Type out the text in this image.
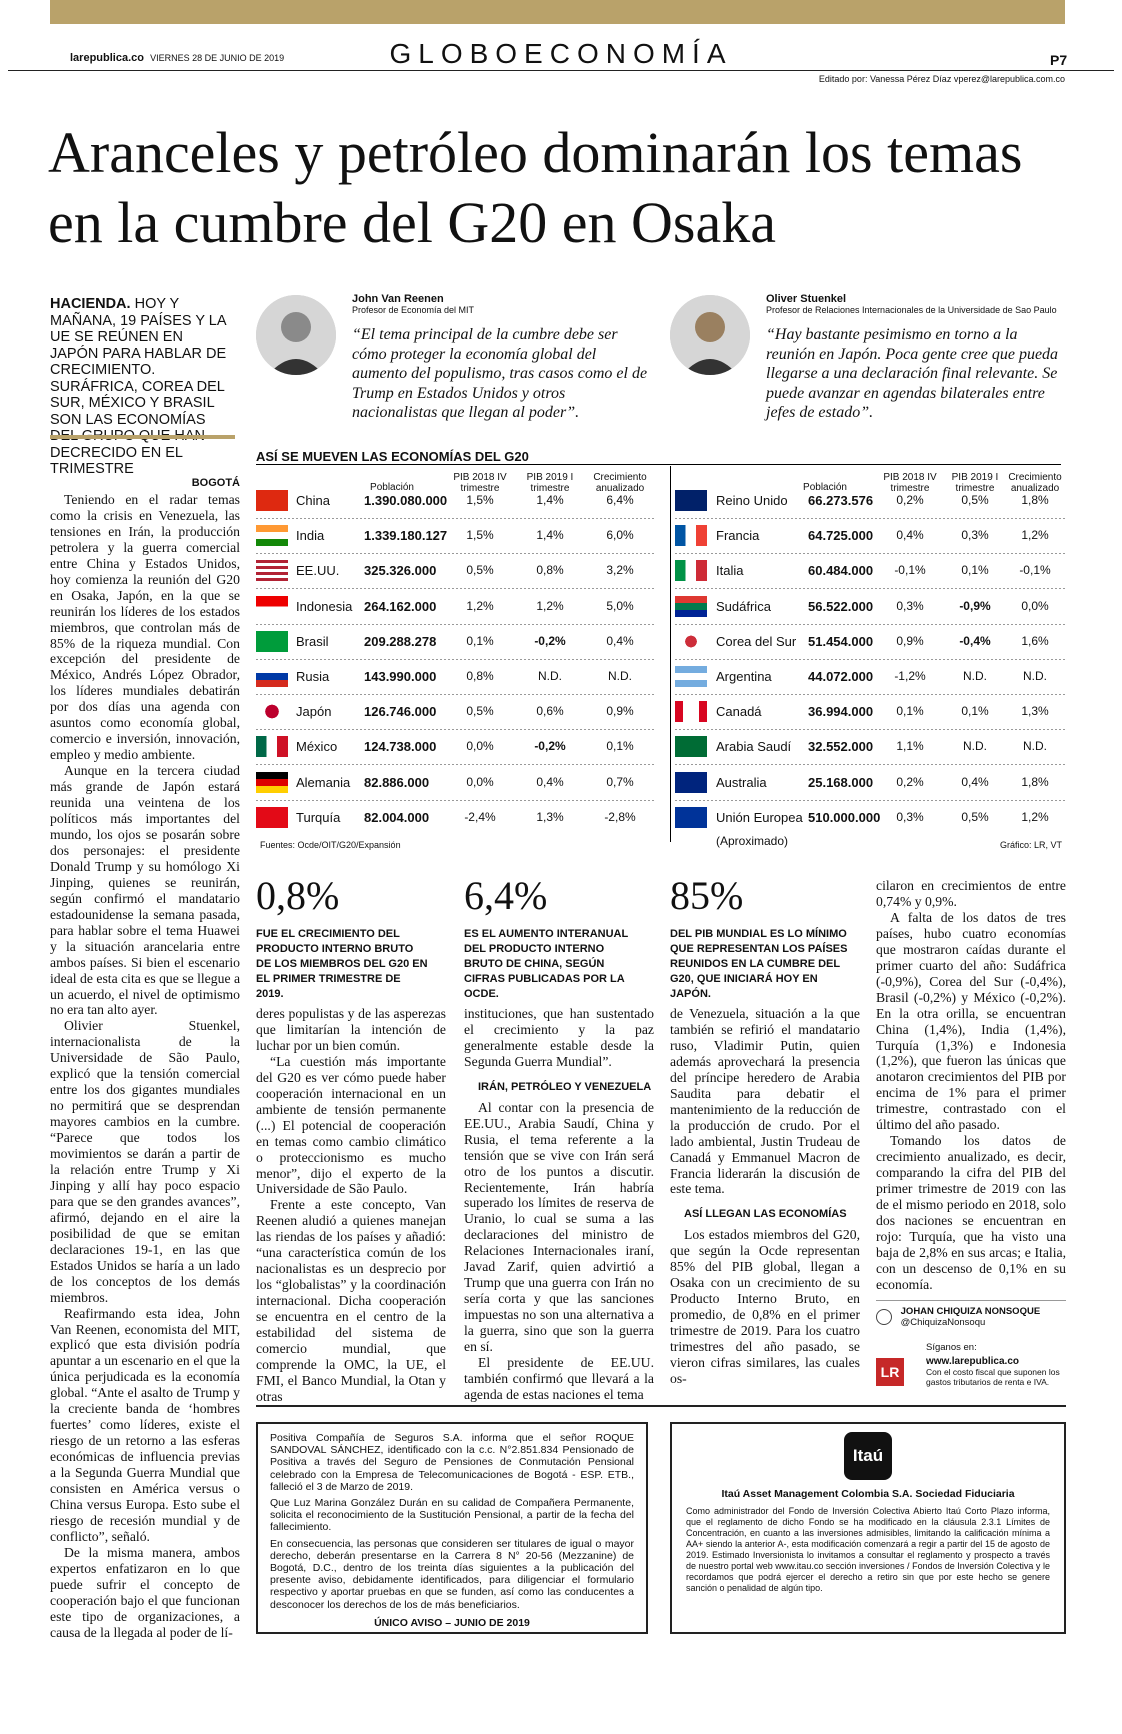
larepublica.co VIERNES 28 DE JUNIO DE 2019	GLOBOECONOMÍA	P7
Editado por: Vanessa Pérez Díaz vperez@larepublica.com.co
Aranceles y petróleo dominarán los temas en la cumbre del G20 en Osaka
HACIENDA. HOY Y MAÑANA, 19 PAÍSES Y LA UE SE REÚNEN EN JAPÓN PARA HABLAR DE CRECIMIENTO. SURÁFRICA, COREA DEL SUR, MÉXICO Y BRASIL SON LAS ECONOMÍAS DECRECIDO EN EL TRIMESTRE
John Van Reenen
Profesor de Economía del MIT
“El tema principal de la cumbre debe ser cómo proteger la economía global del aumento del populismo, tras casos como el de Trump en Estados Unidos y otros nacionalistas que llegan al poder”.
Oliver Stuenkel
Profesor de Relaciones Internacionales de la Universidade de Sao Paulo
“Hay bastante pesimismo en torno a la reunión en Japón. Poca gente cree que pueda llegarse a una declaración final relevante. Se puede avanzar en agendas bilaterales entre jefes de estado”.
ASÍ SE MUEVEN LAS ECONOMÍAS DEL G20
Población
PIB 2018 IV trimestre
PIB 2019 I trimestre
Crecimiento anualizado	Población
PIB 2018 IV trimestre
PIB 2019 I trimestre
Crecimiento anualizado
China	1.390.080.000	1,5%	1,4%	6,4%
India	1.339.180.127	1,5%	1,4%	6,0%
EE.UU. 325.326.000	0,5%	0,8%	3,2%
Indonesia 264.162.000	1,2%	1,2%	5,0%
Brasil	209.288.278	0,1%	-0,2%	0,4%
Rusia	143.990.000	0,8%	N.D.	N.D.
Japón	126.746.000	0,5%	0,6%	0,9%
México 124.738.000	0,0%	-0,2%	0,1%
Alemania 82.886.000	0,0%	0,4%	0,7%
Turquía 82.004.000	-2,4%	1,3%	-2,8%
Reino Unido 66.273.576	0,2%	0,5%	1,8%
Francia	64.725.000	0,4%	0,3%	1,2%
Italia	60.484.000	-0,1%	0,1%	-0,1%
Sudáfrica	56.522.000	0,3%	-0,9%	0,0%
Corea del Sur 51.454.000	0,9%	-0,4%	1,6%
Argentina	44.072.000	-1,2%	N.D.	N.D.
Canadá	36.994.000	0,1%	0,1%	1,3%
Arabia Saudí 32.552.000	1,1%	N.D.	N.D.
Australia	25.168.000	0,2%	0,4%	1,8%
Unión Europea 510.000.000	0,3%	0,5%	1,2%
(Aproximado)
Fuentes: Ocde/OIT/G20/Expansión	Gráfico: LR, VT
0,8%
FUE EL CRECIMIENTO DEL PRODUCTO INTERNO BRUTO DE LOS MIEMBROS DEL G20 EN EL PRIMER TRIMESTRE DE 2019.
6,4%
ES EL AUMENTO INTERANUAL DEL PRODUCTO INTERNO BRUTO DE CHINA, SEGÚN CIFRAS PUBLICADAS POR LA OCDE.
85%
DEL PIB MUNDIAL ES LO MÍNIMO QUE REPRESENTAN LOS PAÍSES REUNIDOS EN LA CUMBRE DEL G20, QUE INICIARÁ HOY EN JAPÓN.

BOGOTÁ

Teniendo en el radar temas como la crisis en Venezuela, las tensiones en Irán, la producción petrolera y la guerra comercial entre China y Estados Unidos, hoy comienza la reunión del G20 en Osaka, Japón, en la que se reunirán los líderes de los estados miembros, que controlan más de 85% de la riqueza mundial. Con excepción del presidente de México, Andrés López Obrador, los líderes mundiales debatirán por dos días una agenda con asuntos como economía global, comercio e inversión, innovación, empleo y medio ambiente.

Aunque en la tercera ciudad más grande de Japón estará reunida una veintena de los políticos más importantes del mundo, los ojos se posarán sobre dos personajes: el presidente Donald Trump y su homólogo Xi Jinping, quienes se reunirán, según confirmó el mandatario estadounidense la semana pasada, para hablar sobre el tema Huawei y la situación arancelaria entre ambos países. Si bien el escenario ideal de esta cita es que se llegue a un acuerdo, el nivel de optimismo no era tan alto ayer.

Olivier Stuenkel, internacionalista de la Universidade de São Paulo, explicó que la tensión comercial entre los dos gigantes mundiales no permitirá que se desprendan mayores cambios en la cumbre. “Parece que todos los movimientos se darán a partir de la relación entre Trump y Xi Jinping y allí hay poco espacio para que se den grandes avances”, afirmó, dejando en el aire la posibilidad de que se emitan declaraciones 19-1, en las que Estados Unidos se haría a un lado de los conceptos de los demás miembros.

Reafirmando esta idea, John Van Reenen, economista del MIT, explicó que esta división podría apuntar a un escenario en el que la única perjudicada es la economía global. “Ante el asalto de Trump y la creciente banda de ‘hombres fuertes’ como líderes, existe el riesgo de un retorno a las esferas económicas de influencia previas a la Segunda Guerra Mundial que consisten en América versus o China versus Europa. Esto sube el riesgo de recesión mundial y de conflicto”, señaló.

De la misma manera, ambos expertos enfatizaron en lo que puede sufrir el concepto de cooperación bajo el que funcionan este tipo de organizaciones, a causa de la llegada al poder de lí-

deres populistas y de las asperezas que limitarían la intención de luchar por un bien común.

“La cuestión más importante del G20 es ver cómo puede haber cooperación internacional en un ambiente de tensión permanente (...) El potencial de cooperación en temas como cambio climático o proteccionismo es mucho menor”, dijo el experto de la Universidade de São Paulo.

Frente a este concepto, Van Reenen aludió a quienes manejan las riendas de los países y añadió: “una característica común de los nacionalistas es un desprecio por los “globalistas” y la coordinación internacional. Dicha cooperación se encuentra en el centro de la estabilidad del sistema de comercio mundial, que comprende la OMC, la UE, el FMI, el Banco Mundial, la Otan y otras

instituciones, que han sustentado el crecimiento y la paz generalmente estable desde la Segunda Guerra Mundial”.

IRÁN, PETRÓLEO Y VENEZUELA

Al contar con la presencia de EE.UU., Arabia Saudí, China y Rusia, el tema referente a la tensión que se vive con Irán será otro de los puntos a discutir. Recientemente, Irán habría superado los límites de reserva de Uranio, lo cual se suma a las declaraciones del ministro de Relaciones Internacionales iraní, Javad Zarif, quien advirtió a Trump que una guerra con Irán no sería corta y que las sanciones impuestas no son una alternativa a la guerra, sino que son la guerra en sí.

El presidente de EE.UU. también confirmó que llevará a la agenda de estas naciones el tema

de Venezuela, situación a la que también se refirió el mandatario ruso, Vladimir Putin, quien además aprovechará la presencia del príncipe heredero de Arabia Saudita para debatir el mantenimiento de la reducción de la producción de crudo. Por el lado ambiental, Justin Trudeau de Canadá y Emmanuel Macron de Francia liderarán la discusión de este tema.

ASÍ LLEGAN LAS ECONOMÍAS

Los estados miembros del G20, que según la Ocde representan 85% del PIB global, llegan a Osaka con un crecimiento de su Producto Interno Bruto, en promedio, de 0,8% en el primer trimestre de 2019. Para los cuatro trimestres del año pasado, se vieron cifras similares, las cuales os-

cilaron en crecimientos de entre 0,74% y 0,9%.

A falta de los datos de tres países, hubo cuatro economías que mostraron caídas durante el primer cuarto del año: Sudáfrica (-0,9%), Corea del Sur (-0,4%), Brasil (-0,2%) y México (-0,2%). En la otra orilla, se encuentran China (1,4%), India (1,4%), Turquía (1,3%) e Indonesia (1,2%), que fueron las únicas que anotaron crecimientos del PIB por encima de 1% para el primer trimestre, contrastado con el último del año pasado.

Tomando los datos de crecimiento anualizado, es decir, comparando la cifra del PIB del primer trimestre de 2019 con las de el mismo periodo en 2018, solo dos naciones se encuentran en rojo: Turquía, que ha visto una baja de 2,8% en sus arcas; e Italia, con un descenso de 0,1% en su economía.

JOHAN CHIQUIZA NONSOQUE
@ChiquizaNonsoqu
Síganos en:
LR
www.larepublica.co
Con el costo fiscal que suponen los gastos tributarios de renta e IVA.

Positiva Compañía de Seguros S.A. informa que el señor ROQUE SANDOVAL SÁNCHEZ, identificado con la c.c. N°2.851.834 Pensionado de Positiva a través del Seguro de Pensiones de Conmutación Pensional celebrado con la Empresa de Telecomunicaciones de Bogotá - ESP. ETB., falleció el 3 de Marzo de 2019.

Que Luz Marina González Durán en su calidad de Compañera Permanente, solicita el reconocimiento de la Sustitución Pensional, a partir de la fecha del fallecimiento.

En consecuencia, las personas que consideren ser titulares de igual o mayor derecho, deberán presentarse en la Carrera 8 N° 20-56 (Mezzanine) de Bogotá, D.C., dentro de los treinta días siguientes a la publicación del presente aviso, debidamente identificados, para diligenciar el formulario respectivo y aportar pruebas en que se funden, así como las conducentes a desconocer los derechos de los de más beneficiarios.

ÚNICO AVISO – JUNIO DE 2019
Itaú
Itaú Asset Management Colombia S.A. Sociedad Fiduciaria

Como administrador del Fondo de Inversión Colectiva Abierto Itaú Corto Plazo informa, que el reglamento de dicho Fondo se ha modificado en la cláusula 2.3.1 Límites de Concentración, en cuanto a las inversiones admisibles, limitando la calificación mínima a AA+ siendo la anterior A-, esta modificación comenzará a regir a partir del 15 de agosto de 2019. Estimado Inversionista lo invitamos a consultar el reglamento y prospecto a través de nuestro portal web www.itau.co sección inversiones / Fondos de Inversión Colectiva y le recordamos que podrá ejercer el derecho a retiro sin que por este hecho se genere sanción o penalidad de algún tipo.
